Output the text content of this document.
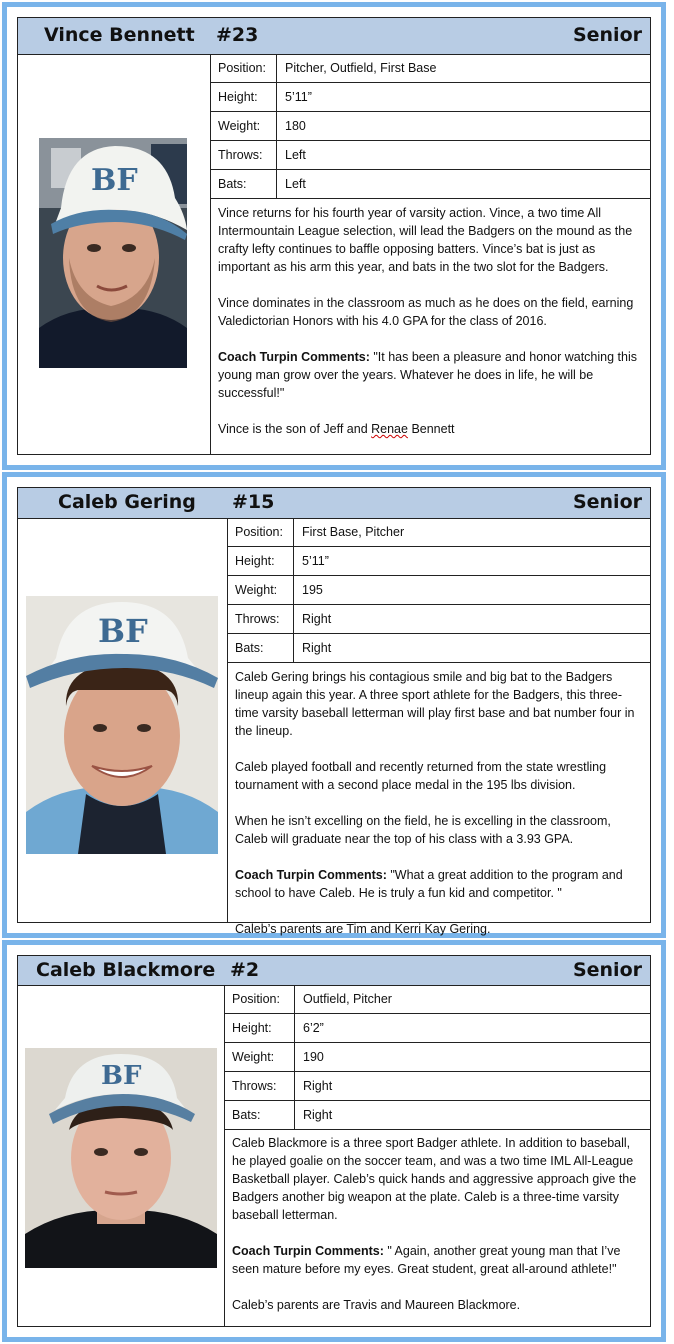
Vince Bennett #23	Senior
BF
Position:	Pitcher, Outfield, First Base
Height:	5’11”
Weight:	180
Throws:	Left
Bats:	Left

Vince returns for his fourth year of varsity action. Vince, a two time All Intermountain League selection, will lead the Badgers on the mound as the crafty lefty continues to baffle opposing batters. Vince’s bat is just as important as his arm this year, and bats in the two slot for the Badgers.

Vince dominates in the classroom as much as he does on the field, earning Valedictorian Honors with his 4.0 GPA for the class of 2016.

Coach Turpin Comments: "It has been a pleasure and honor watching this young man grow over the years. Whatever he does in life, he will be successful!"

Vince is the son of Jeff and Renae Bennett

Caleb Gering #15	Senior
BF
Position:	First Base, Pitcher
Height:	5’11”
Weight:	195
Throws:	Right
Bats:	Right

Caleb Gering brings his contagious smile and big bat to the Badgers lineup again this year. A three sport athlete for the Badgers, this three-time varsity baseball letterman will play first base and bat number four in the lineup.

Caleb played football and recently returned from the state wrestling tournament with a second place medal in the 195 lbs division.

When he isn’t excelling on the field, he is excelling in the classroom, Caleb will graduate near the top of his class with a 3.93 GPA.

Coach Turpin Comments: "What a great addition to the program and school to have Caleb. He is truly a fun kid and competitor. "

Caleb’s parents are Tim and Kerri Kay Gering.

Caleb Blackmore #2	Senior
BF
Position:	Outfield, Pitcher
Height:	6’2”
Weight:	190
Throws:	Right
Bats:	Right

Caleb Blackmore is a three sport Badger athlete. In addition to baseball, he played goalie on the soccer team, and was a two time IML All-League Basketball player. Caleb’s quick hands and aggressive approach give the Badgers another big weapon at the plate. Caleb is a three-time varsity baseball letterman.

Coach Turpin Comments: " Again, another great young man that I’ve seen mature before my eyes. Great student, great all-around athlete!"

Caleb’s parents are Travis and Maureen Blackmore.
